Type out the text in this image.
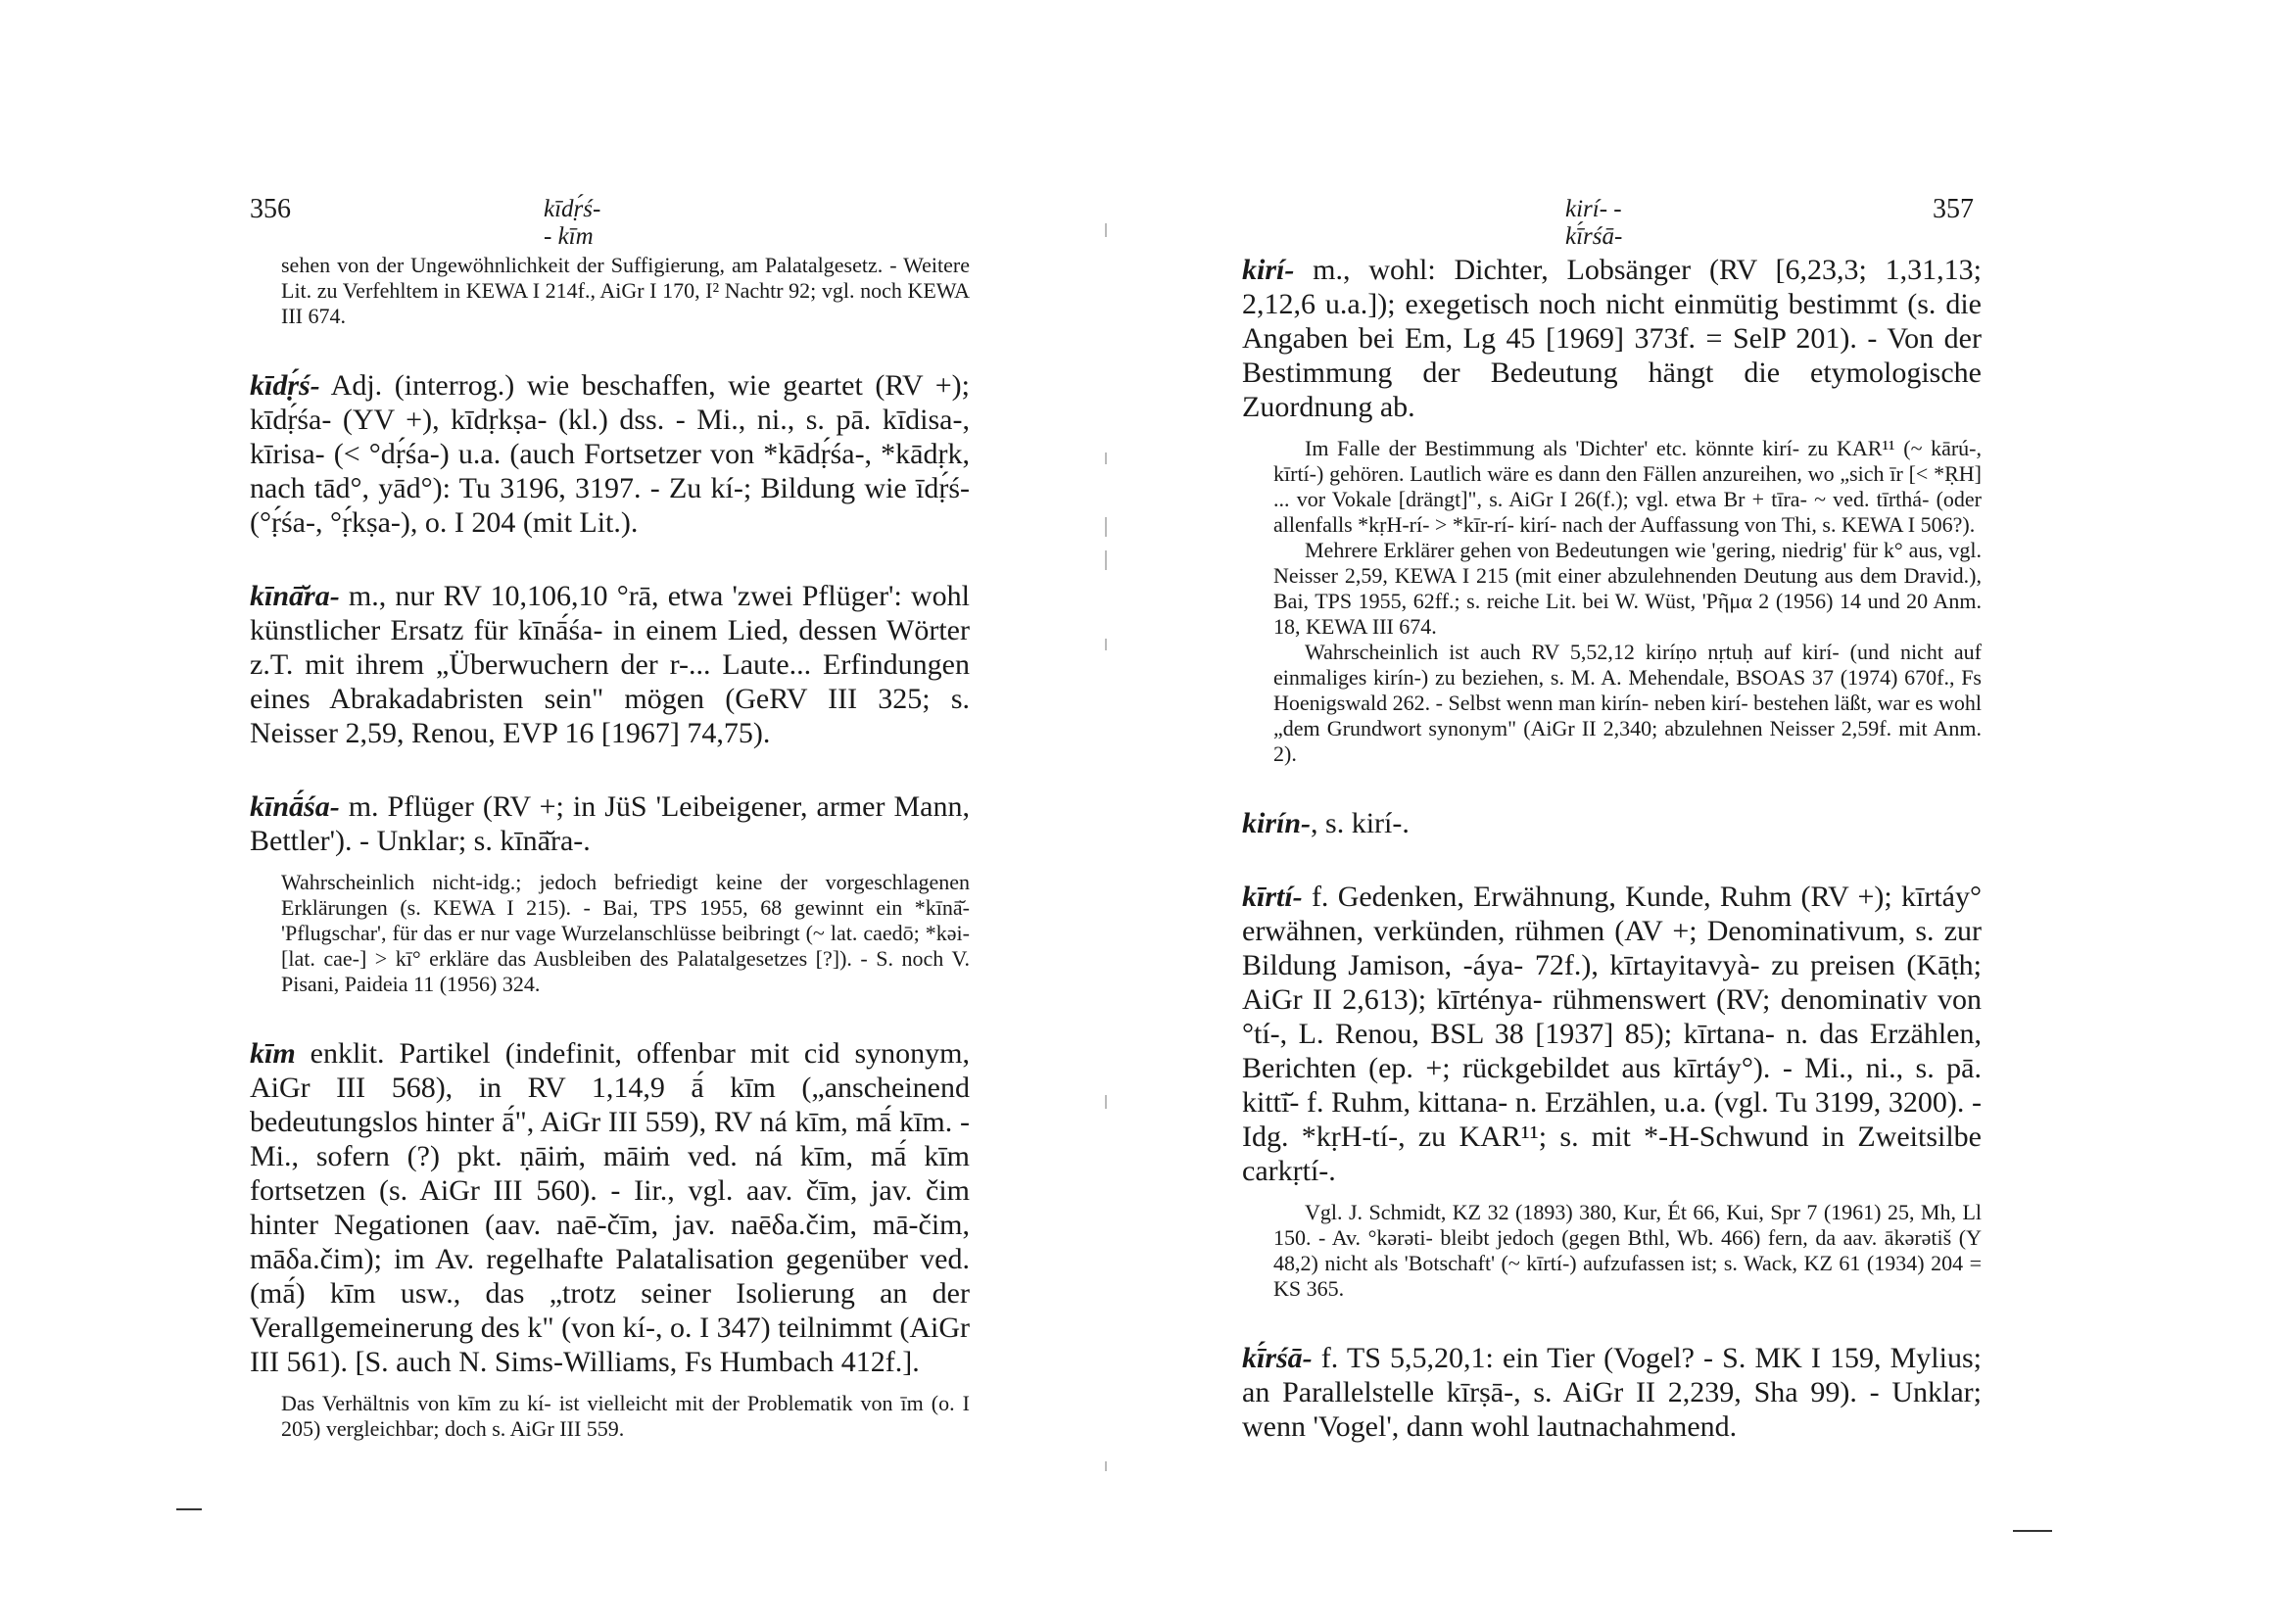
356	kīdṛ́ś- - kīm

sehen von der Ungewöhnlichkeit der Suffigierung, am Palatalgesetz. - Weitere Lit. zu Verfehltem in KEWA I 214f., AiGr I 170, I² Nachtr 92; vgl. noch KEWA III 674.

kīdṛ́ś- Adj. (interrog.) wie beschaffen, wie geartet (RV +); kīdṛ́śa- (YV +), kīdṛkṣa- (kl.) dss. - Mi., ni., s. pā. kīdisa-, kīrisa- (< °dṛ́śa-) u.a. (auch Fortsetzer von *kādṛ́śa-, *kādṛk, nach tād°, yād°): Tu 3196, 3197. - Zu kí-; Bildung wie īdṛ́ś- (°ṛ́śa-, °ṛ́kṣa-), o. I 204 (mit Lit.).

kīnā̆ra- m., nur RV 10,106,10 °rā, etwa 'zwei Pflüger': wohl künstlicher Ersatz für kīnā́śa- in einem Lied, dessen Wörter z.T. mit ihrem „Überwuchern der r-... Laute... Erfindungen eines Abrakadabristen sein" mögen (GeRV III 325; s. Neisser 2,59, Renou, EVP 16 [1967] 74,75).

kīnā́śa- m. Pflüger (RV +; in JüS 'Leibeigener, armer Mann, Bettler'). - Unklar; s. kīnā̆ra-.

Wahrscheinlich nicht-idg.; jedoch befriedigt keine der vorgeschlagenen Erklärungen (s. KEWA I 215). - Bai, TPS 1955, 68 gewinnt ein *kīnā̆- 'Pflugschar', für das er nur vage Wurzelanschlüsse beibringt (~ lat. caedō; *kəi- [lat. cae-] > kī° erkläre das Ausbleiben des Palatalgesetzes [?]). - S. noch V. Pisani, Paideia 11 (1956) 324.

kīm enklit. Partikel (indefinit, offenbar mit cid synonym, AiGr III 568), in RV 1,14,9 ā́ kīm („anscheinend bedeutungslos hinter ā́", AiGr III 559), RV ná kīm, mā́ kīm. - Mi., sofern (?) pkt. ṇāiṁ, māiṁ ved. ná kīm, mā́ kīm fortsetzen (s. AiGr III 560). - Iir., vgl. aav. čīm, jav. čim hinter Negationen (aav. naē-čīm, jav. naēδa.čim, mā-čim, māδa.čim); im Av. regelhafte Palatalisation gegenüber ved. (mā́) kīm usw., das „trotz seiner Isolierung an der Verallgemeinerung des k" (von kí-, o. I 347) teilnimmt (AiGr III 561). [S. auch N. Sims-Williams, Fs Humbach 412f.].

Das Verhältnis von kīm zu kí- ist vielleicht mit der Problematik von īm (o. I 205) vergleichbar; doch s. AiGr III 559.

kirí- - kī́rśā-
357

kirí- m., wohl: Dichter, Lobsänger (RV [6,23,3; 1,31,13; 2,12,6 u.a.]); exegetisch noch nicht einmütig bestimmt (s. die Angaben bei Em, Lg 45 [1969] 373f. = SelP 201). - Von der Bestimmung der Bedeutung hängt die etymologische Zuordnung ab.

Im Falle der Bestimmung als 'Dichter' etc. könnte kirí- zu KAR¹¹ (~ kārú-, kīrtí-) gehören. Lautlich wäre es dann den Fällen anzureihen, wo „sich īr [< *ṚH] ... vor Vokale [drängt]", s. AiGr I 26(f.); vgl. etwa Br + tīra- ~ ved. tīrthá- (oder allenfalls *kṛH-rí- > *kīr-rí- kirí- nach der Auffassung von Thi, s. KEWA I 506?).

Mehrere Erklärer gehen von Bedeutungen wie 'gering, niedrig' für k° aus, vgl. Neisser 2,59, KEWA I 215 (mit einer abzulehnenden Deutung aus dem Dravid.), Bai, TPS 1955, 62ff.; s. reiche Lit. bei W. Wüst, 'Pῆμα 2 (1956) 14 und 20 Anm. 18, KEWA III 674.

Wahrscheinlich ist auch RV 5,52,12 kiríṇo nṛtuḥ auf kirí- (und nicht auf einmaliges kirín-) zu beziehen, s. M. A. Mehendale, BSOAS 37 (1974) 670f., Fs Hoenigswald 262. - Selbst wenn man kirín- neben kirí- bestehen läßt, war es wohl „dem Grundwort synonym" (AiGr II 2,340; abzulehnen Neisser 2,59f. mit Anm. 2).

kirín-, s. kirí-.

kīrtí- f. Gedenken, Erwähnung, Kunde, Ruhm (RV +); kīrtáy° erwähnen, verkünden, rühmen (AV +; Denominativum, s. zur Bildung Jamison, -áya- 72f.), kīrtayitavyà- zu preisen (Kāṭh; AiGr II 2,613); kīrténya- rühmenswert (RV; denominativ von °tí-, L. Renou, BSL 38 [1937] 85); kīrtana- n. das Erzählen, Berichten (ep. +; rückgebildet aus kīrtáy°). - Mi., ni., s. pā. kittī̆- f. Ruhm, kittana- n. Erzählen, u.a. (vgl. Tu 3199, 3200). - Idg. *kṛH-tí-, zu KAR¹¹; s. mit *-H-Schwund in Zweitsilbe carkṛtí-.

Vgl. J. Schmidt, KZ 32 (1893) 380, Kur, Ét 66, Kui, Spr 7 (1961) 25, Mh, Ll 150. - Av. °kərəti- bleibt jedoch (gegen Bthl, Wb. 466) fern, da aav. ākərətiš (Y 48,2) nicht als 'Botschaft' (~ kīrtí-) aufzufassen ist; s. Wack, KZ 61 (1934) 204 = KS 365.

kī́rśā- f. TS 5,5,20,1: ein Tier (Vogel? - S. MK I 159, Mylius; an Parallelstelle kīrṣā-, s. AiGr II 2,239, Sha 99). - Unklar; wenn 'Vogel', dann wohl lautnachahmend.
